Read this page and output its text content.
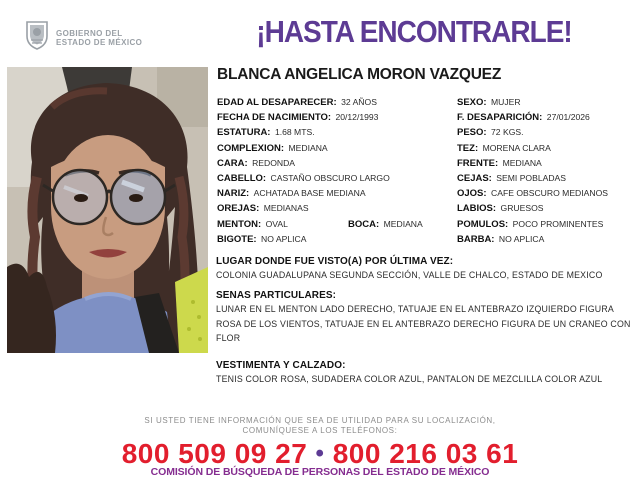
GOBIERNO DEL
ESTADO DE MÉXICO	¡HASTA ENCONTRARLE!
BLANCA ANGELICA MORON VAZQUEZ
EDAD AL DESAPARECER: 32 AÑOS
FECHA DE NACIMIENTO: 20/12/1993
ESTATURA: 1.68 MTS.
COMPLEXION: MEDIANA
CARA: REDONDA
CABELLO: CASTAÑO OBSCURO LARGO
NARIZ: ACHATADA BASE MEDIANA
OREJAS: MEDIANAS
MENTON: OVAL
BIGOTE: NO APLICA
BOCA: MEDIANA
SEXO: MUJER
F. DESAPARICIÓN: 27/01/2026
PESO: 72 KGS.
TEZ: MORENA CLARA
FRENTE: MEDIANA
CEJAS: SEMI POBLADAS
OJOS: CAFE OBSCURO MEDIANOS
LABIOS: GRUESOS
POMULOS: POCO PROMINENTES
BARBA: NO APLICA
LUGAR DONDE FUE VISTO(A) POR ÚLTIMA VEZ:
COLONIA GUADALUPANA SEGUNDA SECCIÓN, VALLE DE CHALCO, ESTADO DE MEXICO
SENAS PARTICULARES:
LUNAR EN EL MENTON LADO DERECHO, TATUAJE EN EL ANTEBRAZO IZQUIERDO FIGURA ROSA DE LOS VIENTOS, TATUAJE EN EL ANTEBRAZO DERECHO FIGURA DE UN CRANEO CON FLOR
VESTIMENTA Y CALZADO:
TENIS COLOR ROSA, SUDADERA COLOR AZUL, PANTALON DE MEZCLILLA COLOR AZUL
SI USTED TIENE INFORMACIÓN QUE SEA DE UTILIDAD PARA SU LOCALIZACIÓN,
COMUNÍQUESE A LOS TELÉFONOS:
800 509 09 27 • 800 216 03 61
COMISIÓN DE BÚSQUEDA DE PERSONAS DEL ESTADO DE MÉXICO
